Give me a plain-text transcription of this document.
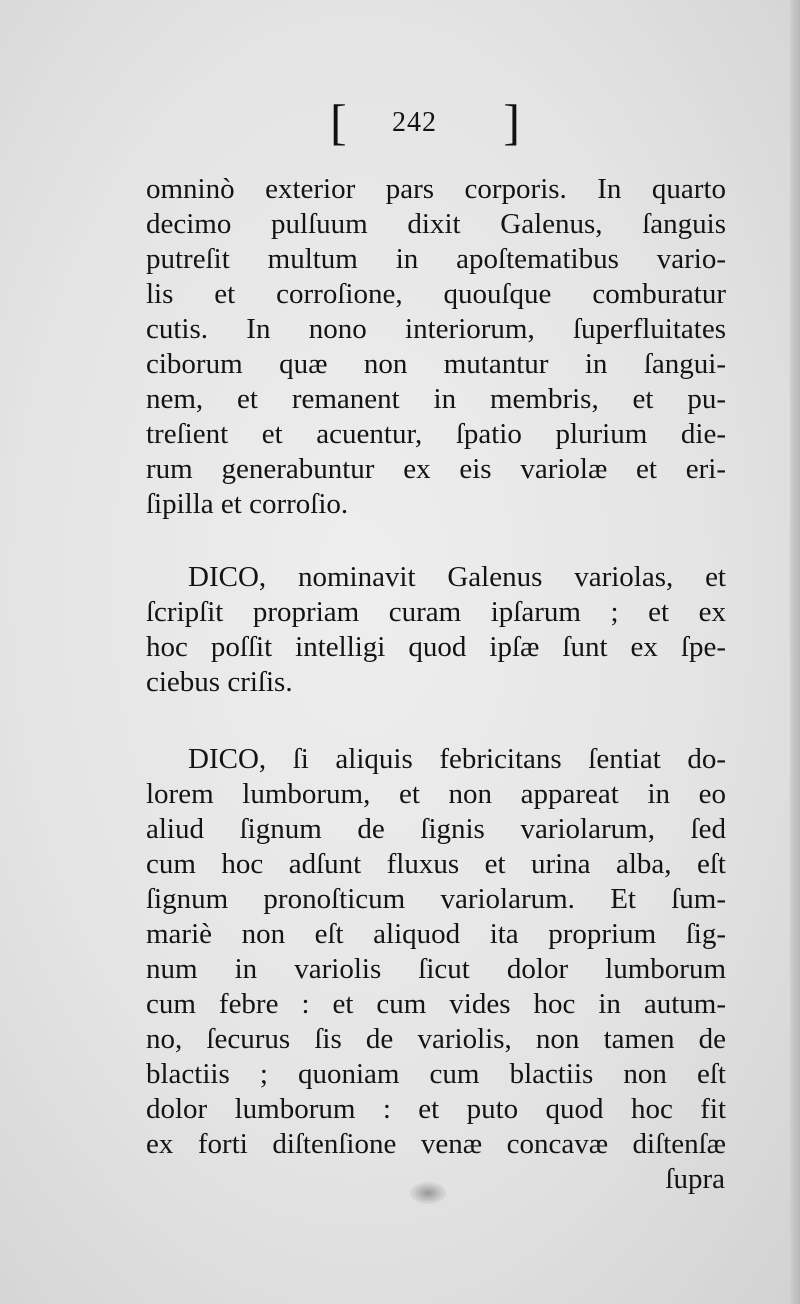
[ 242 ]
omninò exterior pars corporis. In quarto
decimo pulſuum dixit Galenus, ſanguis
putreſit multum in apoſtematibus vario-
lis et corroſione, quouſque comburatur
cutis. In nono interiorum, ſuperfluitates
ciborum quæ non mutantur in ſangui-
nem, et remanent in membris, et pu-
treſient et acuentur, ſpatio plurium die-
rum generabuntur ex eis variolæ et eri-
ſipilla et corroſio.
DICO, nominavit Galenus variolas, et
ſcripſit propriam curam ipſarum ; et ex
hoc poſſit intelligi quod ipſæ ſunt ex ſpe-
ciebus criſis.
DICO, ſi aliquis febricitans ſentiat do-
lorem lumborum, et non appareat in eo
aliud ſignum de ſignis variolarum, ſed
cum hoc adſunt fluxus et urina alba, eſt
ſignum pronoſticum variolarum. Et ſum-
mariè non eſt aliquod ita proprium ſig-
num in variolis ſicut dolor lumborum
cum febre : et cum vides hoc in autum-
no, ſecurus ſis de variolis, non tamen de
blactiis ; quoniam cum blactiis non eſt
dolor lumborum : et puto quod hoc fit
ex forti diſtenſione venæ concavæ diſtenſæ
ſupra
